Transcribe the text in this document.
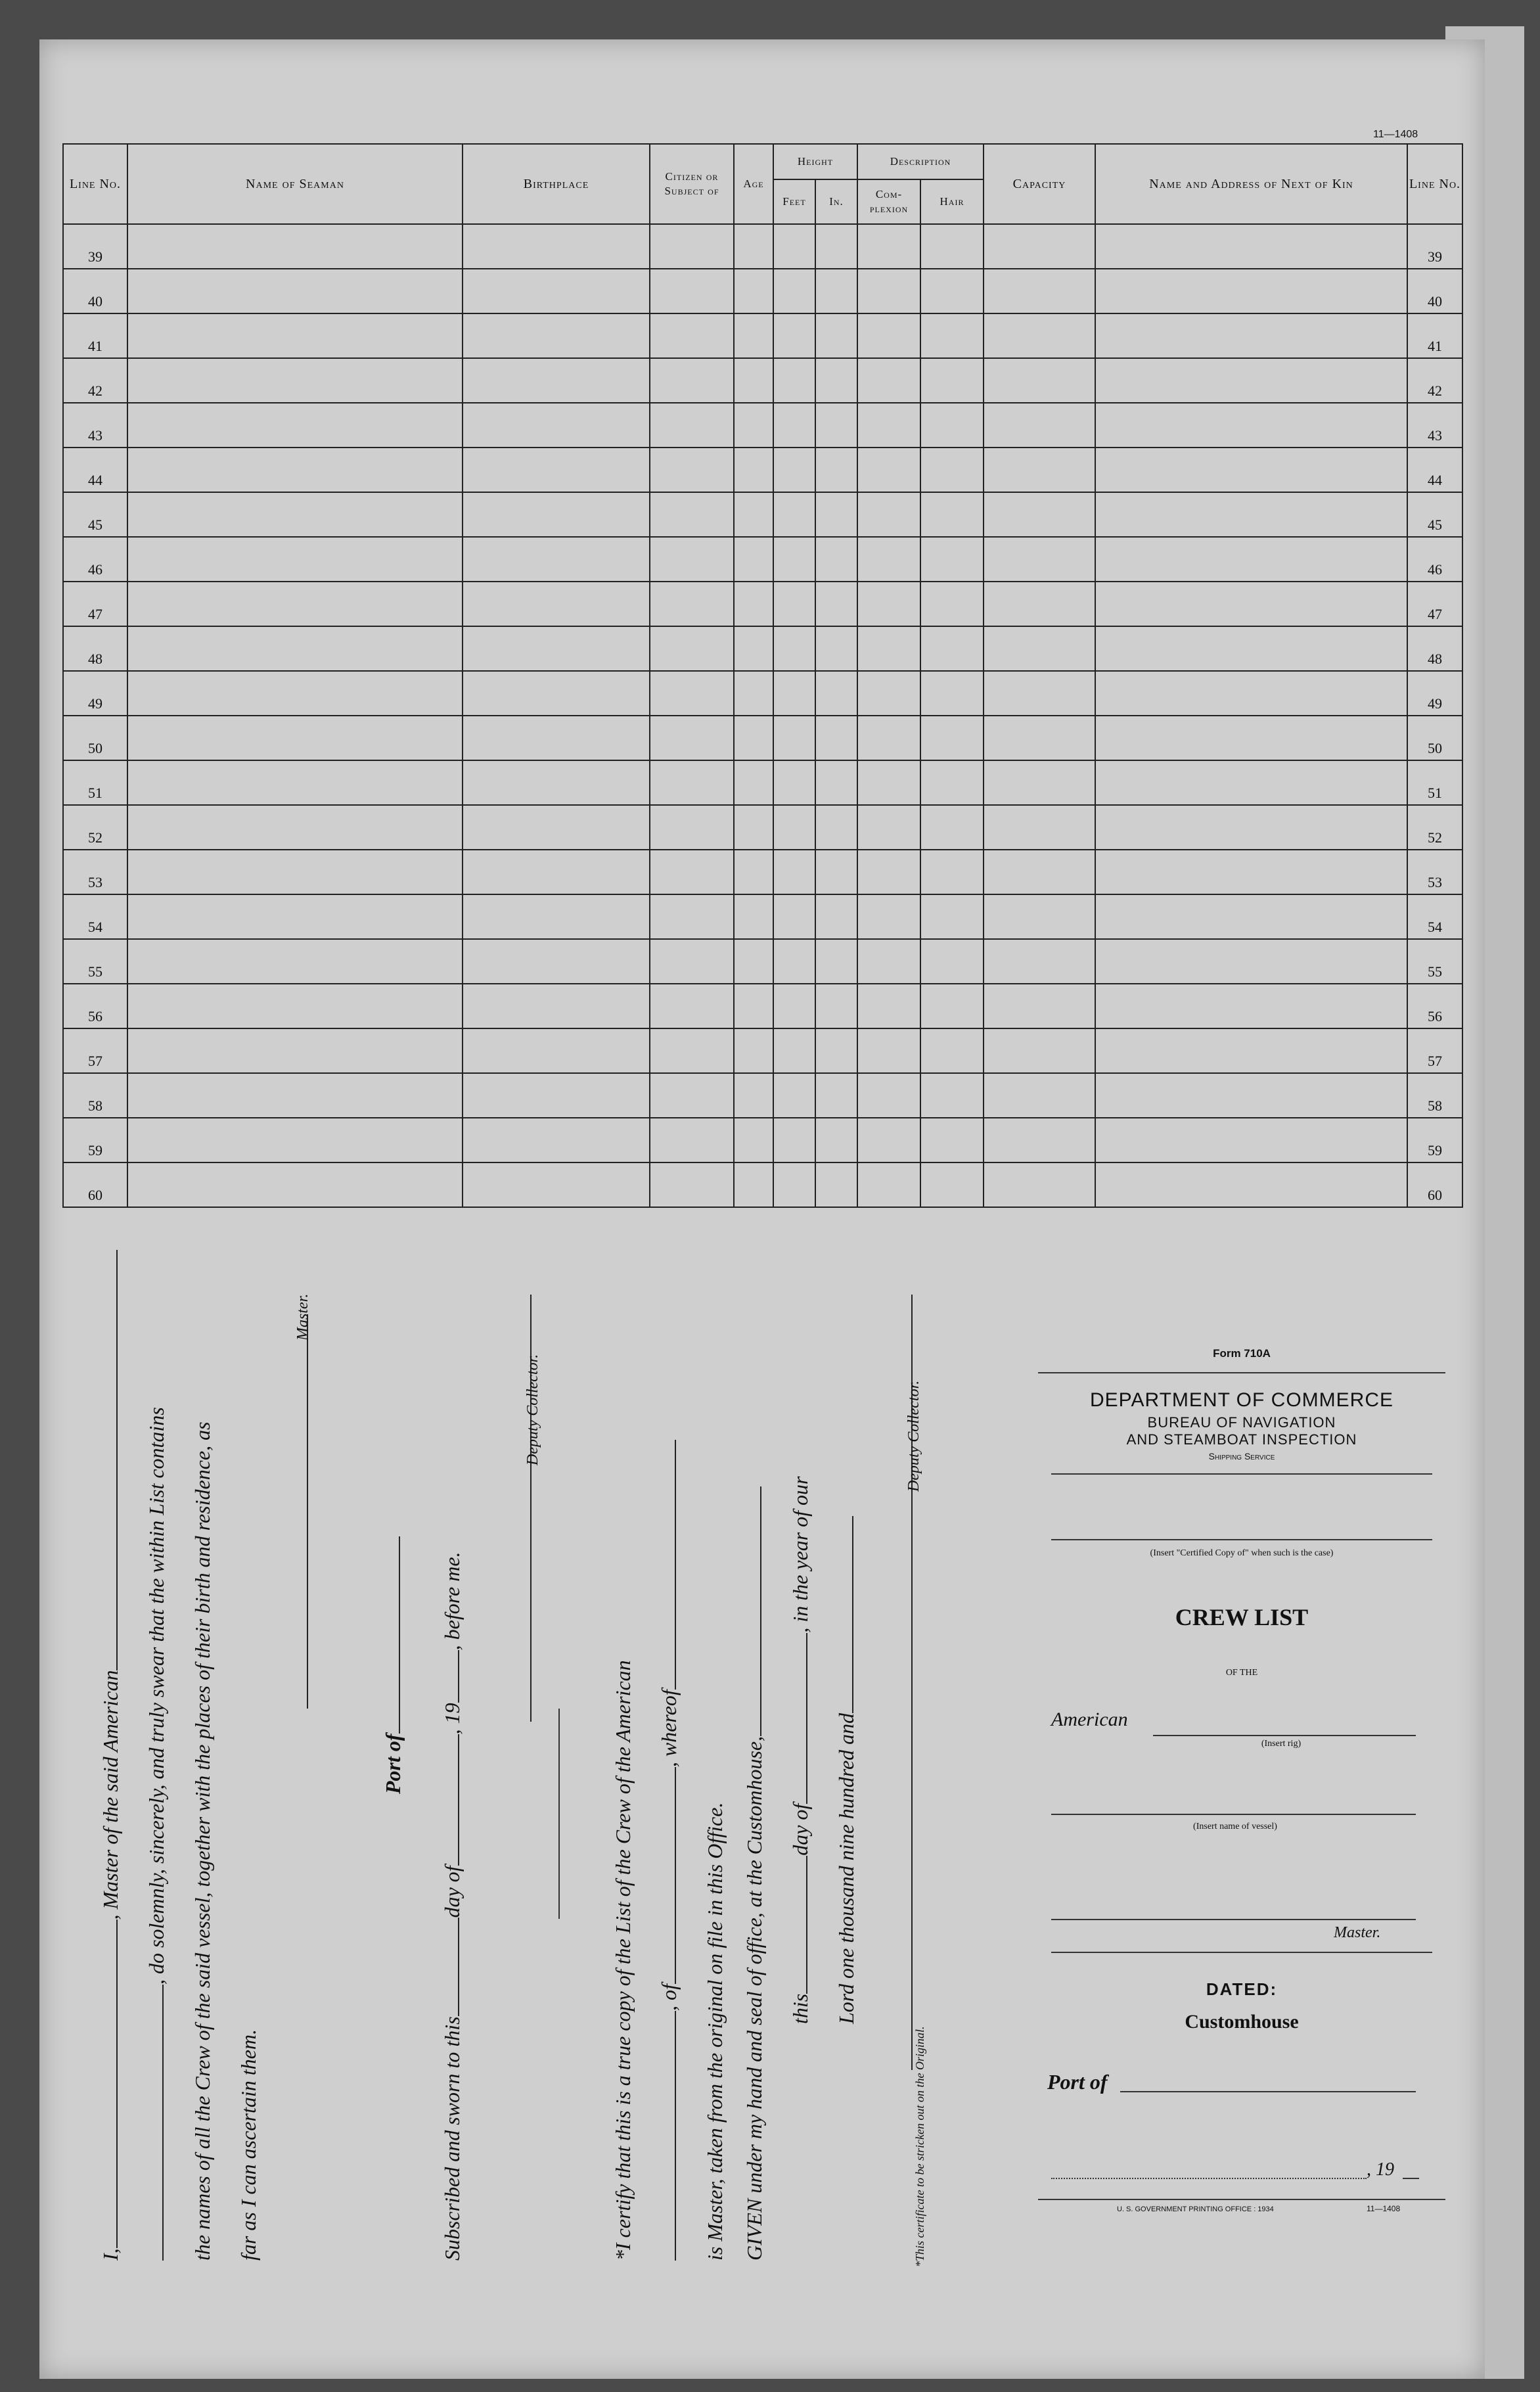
11—1408
Line No.	Name of Seaman	Birthplace	Citizen or Subject of	Age	Height		Description		Capacity	Name and Address of Next of Kin	Line No.
					Feet	In.	Com-plexion	Hair			
39											39
40											40
41											41
42											42
43											43
44											44
45											45
46											46
47											47
48											48
49											49
50											50
51											51
52											52
53											53
54											54
55											55
56											56
57											57
58											58
59											59
60											60
I,, Master of the said American , do solemnly, sincerely, and truly swear that the within List contains the names of all the Crew of the said vessel, together with the places of their birth and residence, as far as I can ascertain them.
Master.
Port of
Subscribed and sworn to thisday of, 19, before me.
Deputy Collector.
*I certify that this is a true copy of the List of the Crew of the American , of, whereof
is Master, taken from the original on file in this Office. GIVEN under my hand and seal of office, at the Customhouse, thisday of, in the year of our
Lord one thousand nine hundred and
Deputy Collector.
*This certificate to be stricken out on the Original.
Form 710A
DEPARTMENT OF COMMERCE
BUREAU OF NAVIGATION
AND STEAMBOAT INSPECTION
Shipping Service
(Insert "Certified Copy of" when such is the case)
CREW LIST
OF THE
American
(Insert rig)
(Insert name of vessel)
Master.
DATED:
Customhouse
Port of
, 19
U. S. GOVERNMENT PRINTING OFFICE : 1934	11—1408
